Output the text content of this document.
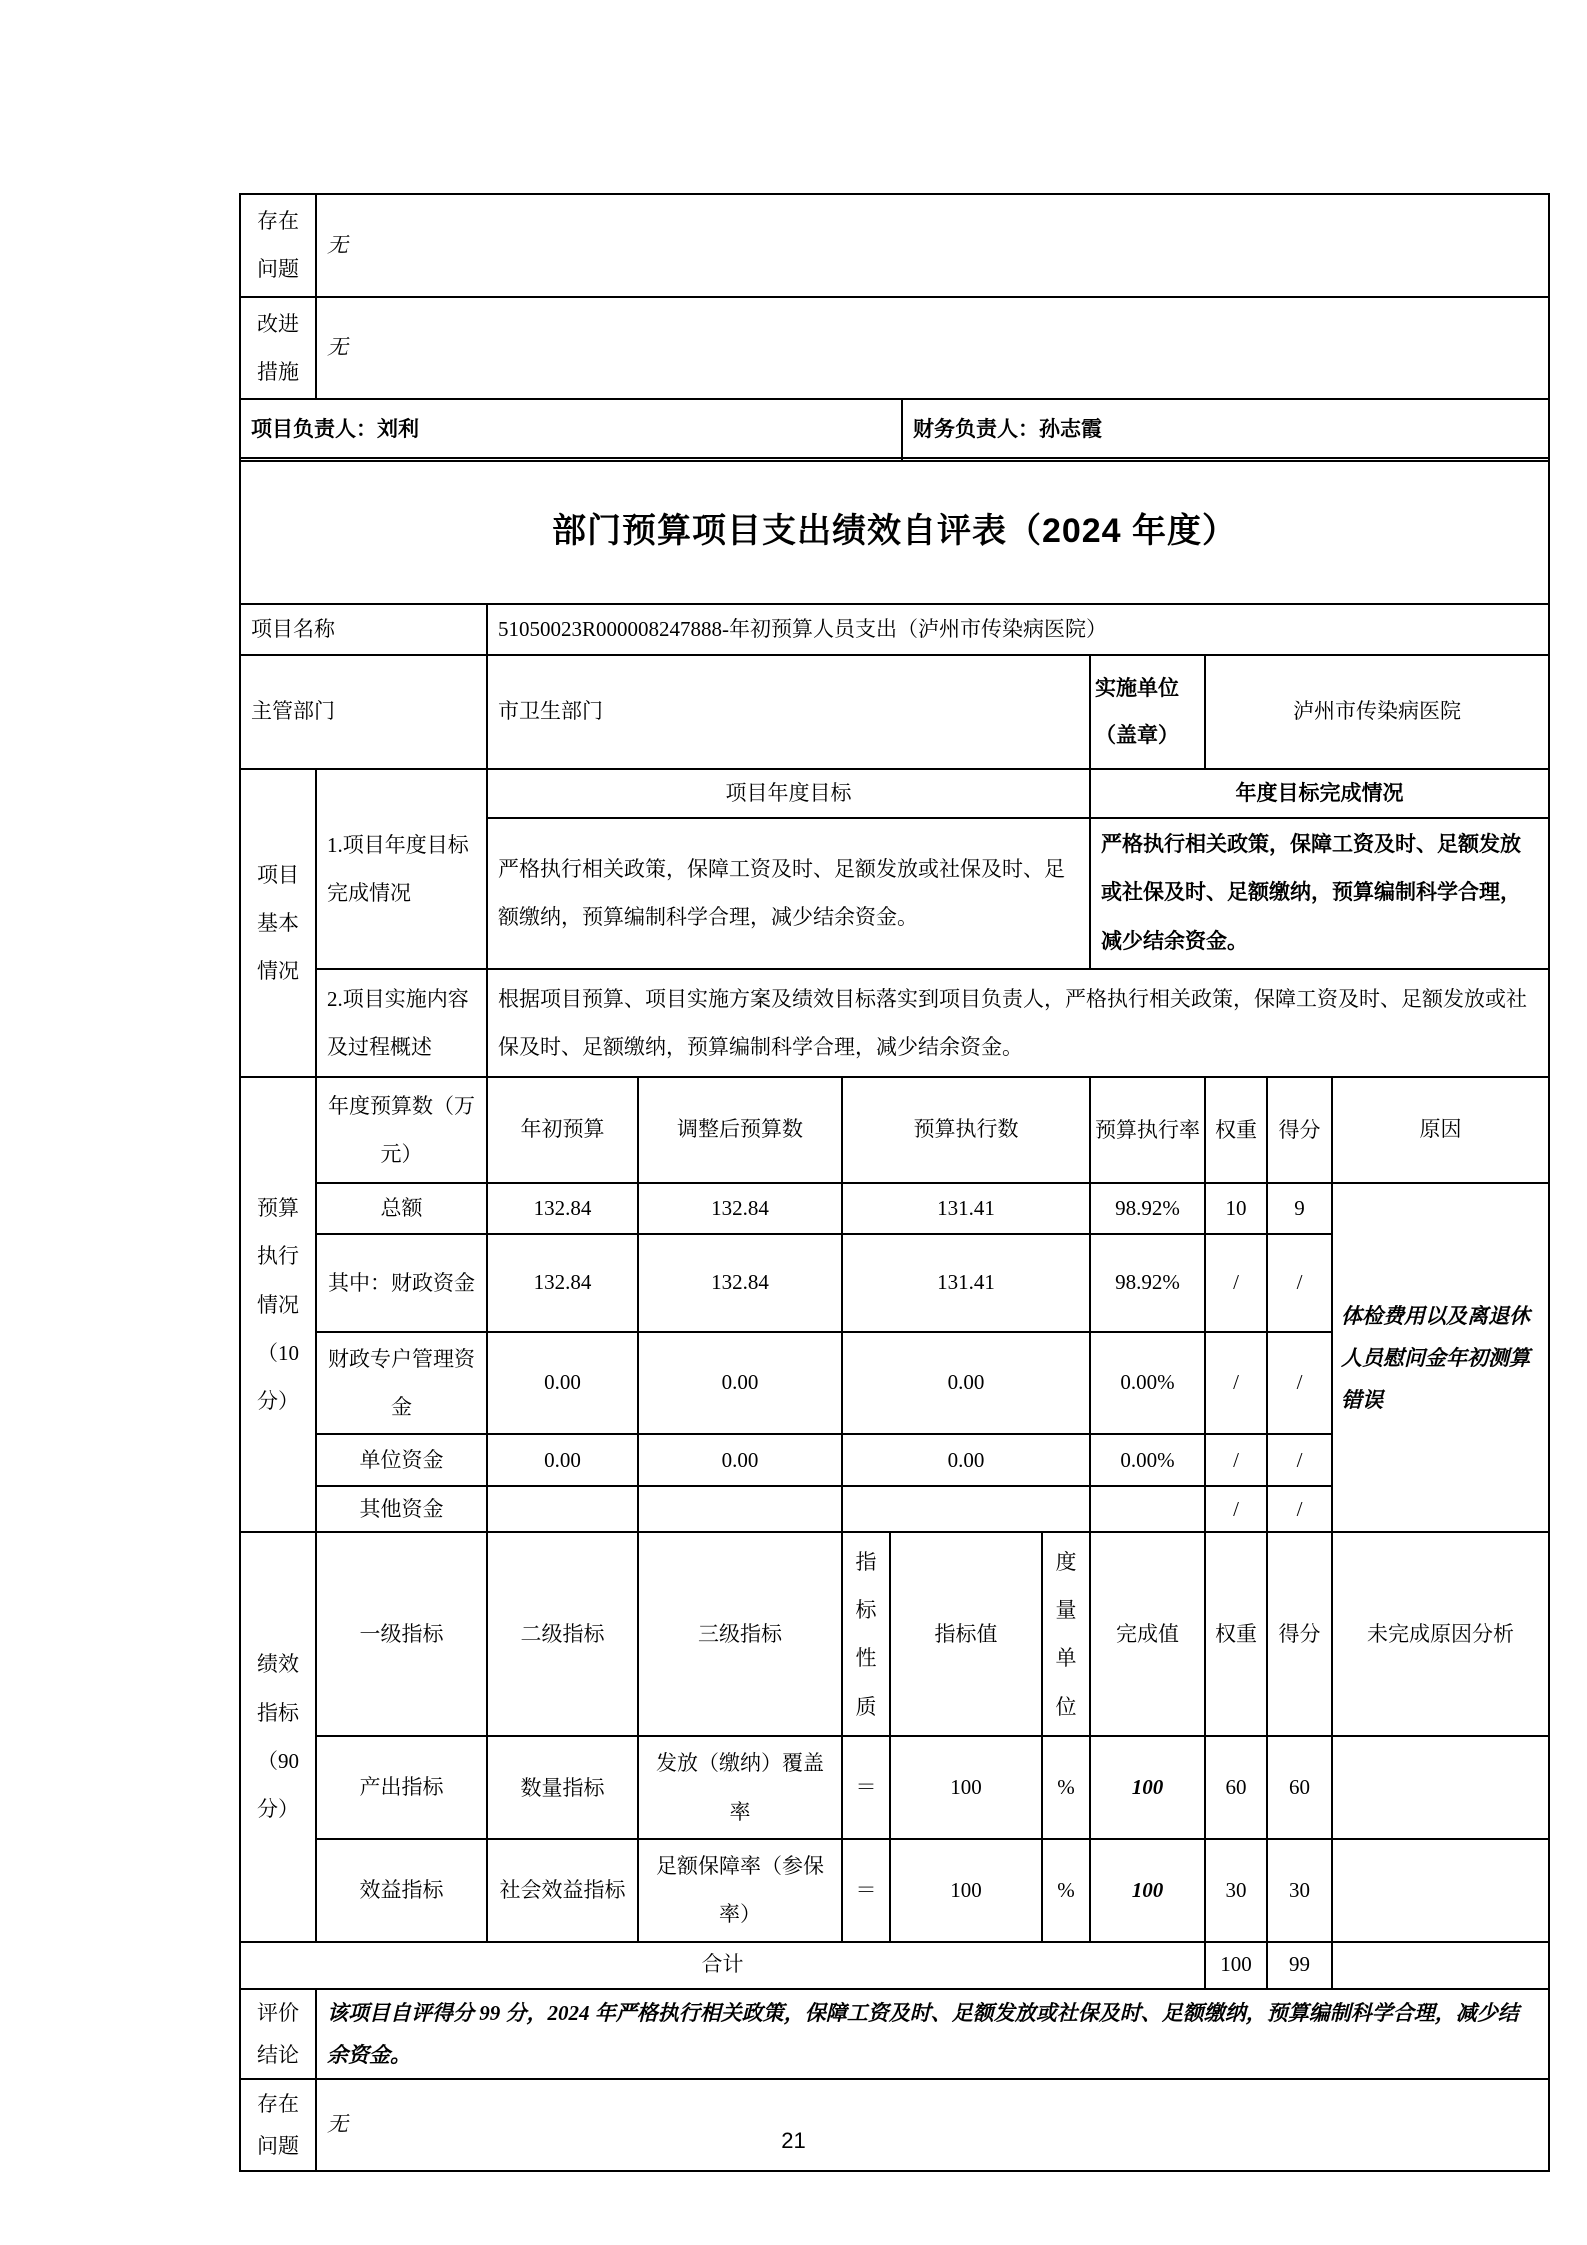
存在问题	无	
改进措施	无	
项目负责人：刘利		财务负责人：孙志霞
部门预算项目支出绩效自评表（2024 年度）										
项目名称		51050023R000008247888-年初预算人员支出（泸州市传染病医院）								
主管部门		市卫生部门					实施单位（盖章）	泸州市传染病医院		
项目基本情况	1.项目年度目标完成情况	项目年度目标					年度目标完成情况			
		严格执行相关政策，保障工资及时、足额发放或社保及时、足额缴纳，预算编制科学合理，减少结余资金。					严格执行相关政策，保障工资及时、足额发放或社保及时、足额缴纳，预算编制科学合理，减少结余资金。			
	2.项目实施内容及过程概述	根据项目预算、项目实施方案及绩效目标落实到项目负责人，严格执行相关政策，保障工资及时、足额发放或社保及时、足额缴纳，预算编制科学合理，减少结余资金。								
预算执行情况（10分）	年度预算数（万元）	年初预算	调整后预算数	预算执行数			预算执行率	权重	得分	原因
	总额	132.84	132.84	131.41			98.92%	10	9	体检费用以及离退休人员慰问金年初测算错误
	其中：财政资金	132.84	132.84	131.41			98.92%	/	/	
	财政专户管理资金	0.00	0.00	0.00			0.00%	/	/	
	单位资金	0.00	0.00	0.00			0.00%	/	/	
	其他资金							/	/	
绩效指标（90分）	一级指标	二级指标	三级指标	指标性质	指标值	度量单位	完成值	权重	得分	未完成原因分析
	产出指标	数量指标	发放（缴纳）覆盖率	＝	100	%	100	60	60	
	效益指标	社会效益指标	足额保障率（参保率）	＝	100	%	100	30	30	
合计								100	99	
评价结论	该项目自评得分 99 分，2024 年严格执行相关政策，保障工资及时、足额发放或社保及时、足额缴纳，预算编制科学合理，减少结余资金。									
存在问题	无									
21
